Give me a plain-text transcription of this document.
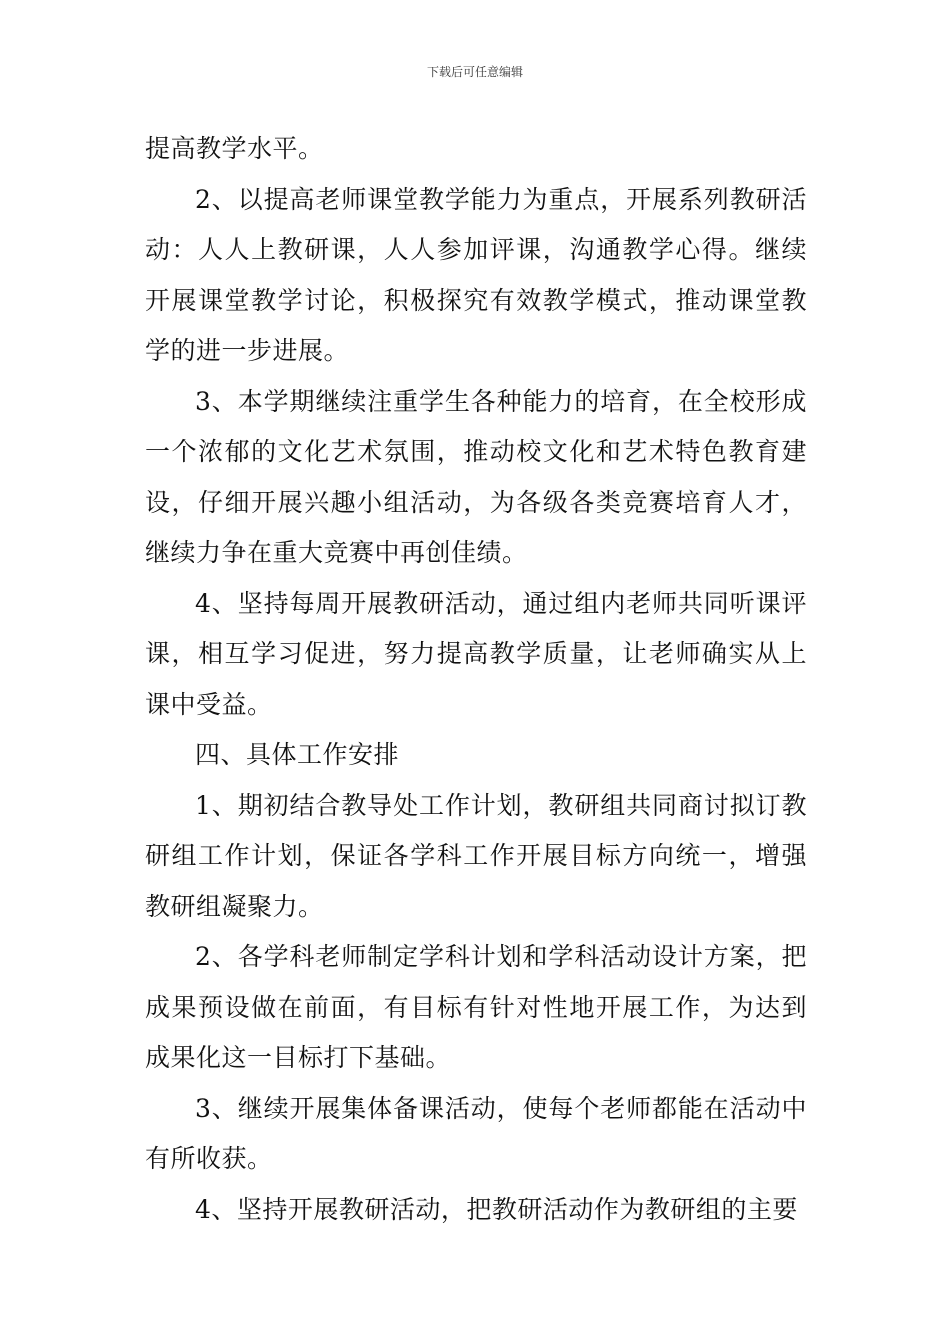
下载后可任意编辑

提高教学水平。

2、以提高老师课堂教学能力为重点，开展系列教研活动：人人上教研课，人人参加评课，沟通教学心得。继续开展课堂教学讨论，积极探究有效教学模式，推动课堂教学的进一步进展。

3、本学期继续注重学生各种能力的培育，在全校形成一个浓郁的文化艺术氛围，推动校文化和艺术特色教育建设，仔细开展兴趣小组活动，为各级各类竞赛培育人才，继续力争在重大竞赛中再创佳绩。

4、坚持每周开展教研活动，通过组内老师共同听课评课，相互学习促进，努力提高教学质量，让老师确实从上课中受益。

四、具体工作安排

1、期初结合教导处工作计划，教研组共同商讨拟订教研组工作计划，保证各学科工作开展目标方向统一，增强教研组凝聚力。

2、各学科老师制定学科计划和学科活动设计方案，把成果预设做在前面，有目标有针对性地开展工作，为达到成果化这一目标打下基础。

3、继续开展集体备课活动，使每个老师都能在活动中有所收获。

4、坚持开展教研活动，把教研活动作为教研组的主要
